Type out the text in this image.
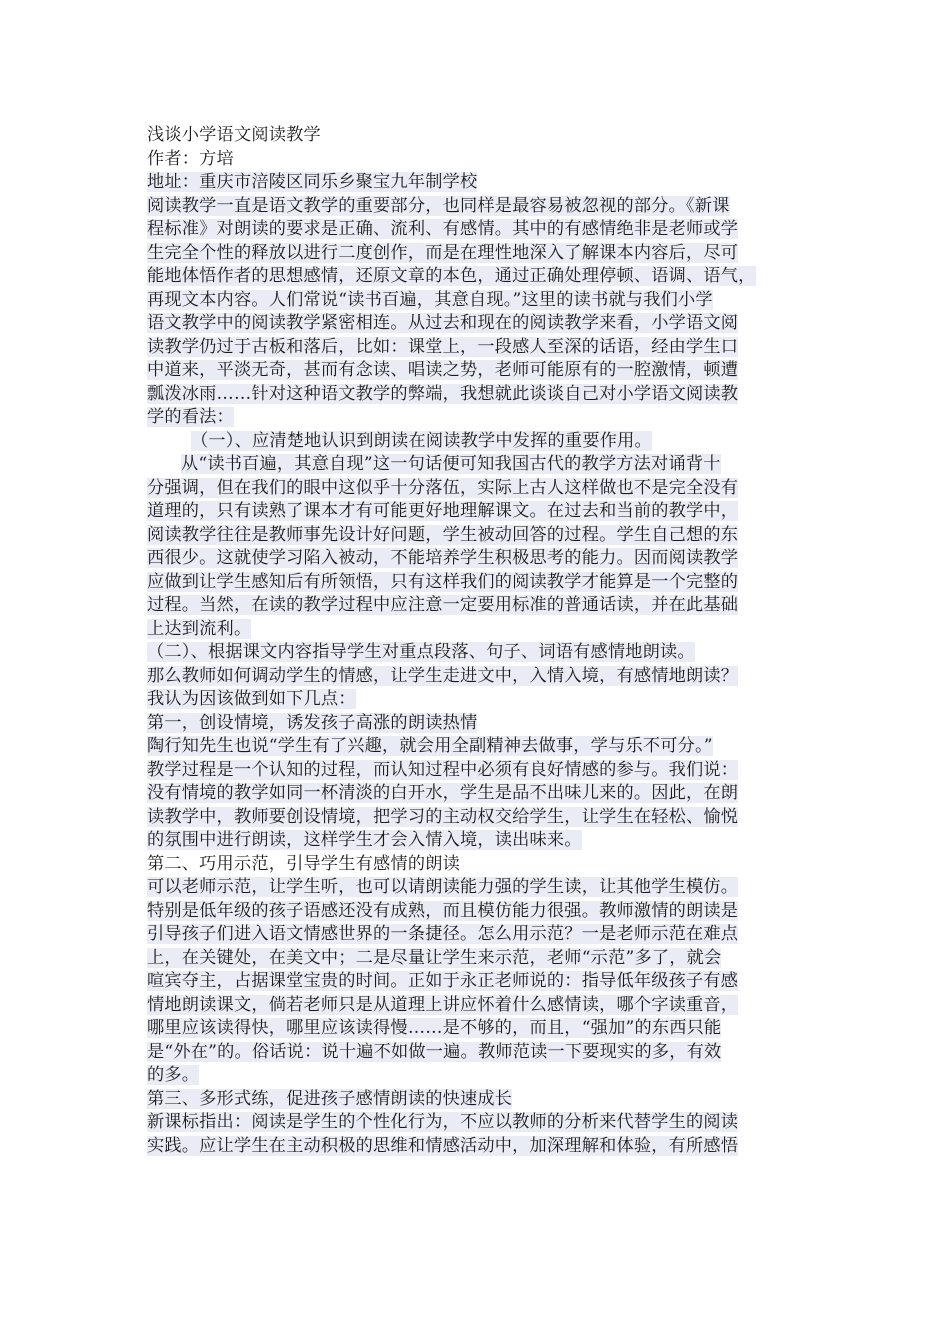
浅谈小学语文阅读教学
作者：方培
地址：重庆市涪陵区同乐乡聚宝九年制学校
阅读教学一直是语文教学的重要部分，也同样是最容易被忽视的部分。《新课
程标准》对朗读的要求是正确、流利、有感情。其中的有感情绝非是老师或学
生完全个性的释放以进行二度创作，而是在理性地深入了解课本内容后，尽可
能地体悟作者的思想感情，还原文章的本色，通过正确处理停顿、语调、语气，
再现文本内容。人们常说“读书百遍，其意自现。”这里的读书就与我们小学
语文教学中的阅读教学紧密相连。从过去和现在的阅读教学来看，小学语文阅
读教学仍过于古板和落后，比如：课堂上，一段感人至深的话语，经由学生口
中道来，平淡无奇，甚而有念读、唱读之势，老师可能原有的一腔激情，顿遭
瓢泼冰雨……针对这种语文教学的弊端，我想就此谈谈自己对小学语文阅读教
学的看法：
（一）、应清楚地认识到朗读在阅读教学中发挥的重要作用。
从“读书百遍，其意自现”这一句话便可知我国古代的教学方法对诵背十
分强调，但在我们的眼中这似乎十分落伍，实际上古人这样做也不是完全没有
道理的，只有读熟了课本才有可能更好地理解课文。在过去和当前的教学中，
阅读教学往往是教师事先设计好问题，学生被动回答的过程。学生自己想的东
西很少。这就使学习陷入被动，不能培养学生积极思考的能力。因而阅读教学
应做到让学生感知后有所领悟，只有这样我们的阅读教学才能算是一个完整的
过程。当然，在读的教学过程中应注意一定要用标准的普通话读，并在此基础
上达到流利。
（二）、根据课文内容指导学生对重点段落、句子、词语有感情地朗读。
那么教师如何调动学生的情感，让学生走进文中，入情入境，有感情地朗读？
我认为因该做到如下几点：
第一，创设情境，诱发孩子高涨的朗读热情
陶行知先生也说“学生有了兴趣，就会用全副精神去做事，学与乐不可分。”
教学过程是一个认知的过程，而认知过程中必须有良好情感的参与。我们说：
没有情境的教学如同一杯清淡的白开水，学生是品不出味儿来的。因此，在朗
读教学中，教师要创设情境，把学习的主动权交给学生，让学生在轻松、愉悦
的氛围中进行朗读，这样学生才会入情入境，读出味来。
第二、巧用示范，引导学生有感情的朗读
可以老师示范，让学生听，也可以请朗读能力强的学生读，让其他学生模仿。
特别是低年级的孩子语感还没有成熟，而且模仿能力很强。教师激情的朗读是
引导孩子们进入语文情感世界的一条捷径。怎么用示范？一是老师示范在难点
上，在关键处，在美文中；二是尽量让学生来示范，老师“示范”多了，就会
喧宾夺主，占据课堂宝贵的时间。正如于永正老师说的：指导低年级孩子有感
情地朗读课文，倘若老师只是从道理上讲应怀着什么感情读，哪个字读重音，
哪里应该读得快，哪里应该读得慢……是不够的，而且，“强加”的东西只能
是“外在”的。俗话说：说十遍不如做一遍。教师范读一下要现实的多，有效
的多。
第三、多形式练，促进孩子感情朗读的快速成长
新课标指出：阅读是学生的个性化行为，不应以教师的分析来代替学生的阅读
实践。应让学生在主动积极的思维和情感活动中，加深理解和体验，有所感悟
